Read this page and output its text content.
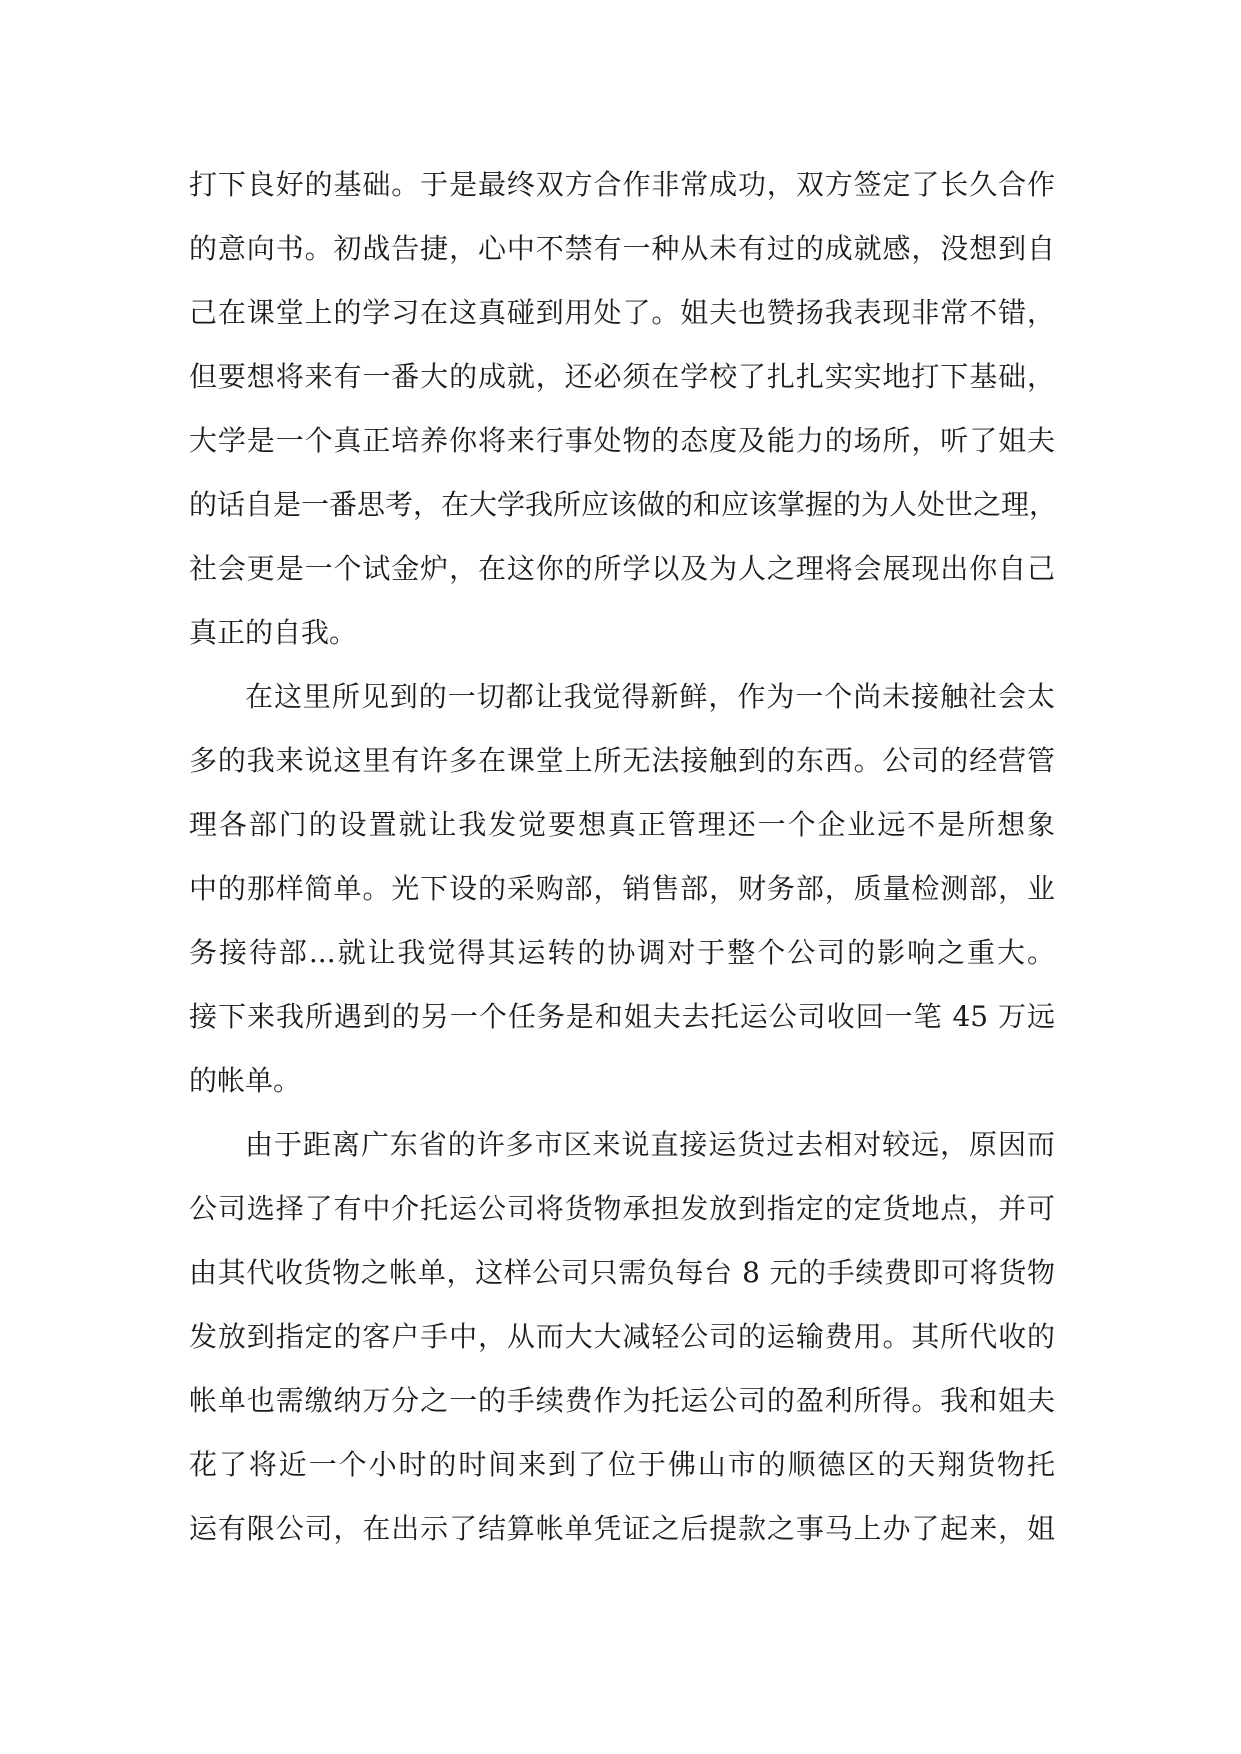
打下良好的基础。于是最终双方合作非常成功，双方签定了长久合作
的意向书。初战告捷，心中不禁有一种从未有过的成就感，没想到自
己在课堂上的学习在这真碰到用处了。姐夫也赞扬我表现非常不错，
但要想将来有一番大的成就，还必须在学校了扎扎实实地打下基础，
大学是一个真正培养你将来行事处物的态度及能力的场所，听了姐夫
的话自是一番思考，在大学我所应该做的和应该掌握的为人处世之理，
社会更是一个试金炉，在这你的所学以及为人之理将会展现出你自己
真正的自我。
在这里所见到的一切都让我觉得新鲜，作为一个尚未接触社会太
多的我来说这里有许多在课堂上所无法接触到的东西。公司的经营管
理各部门的设置就让我发觉要想真正管理还一个企业远不是所想象
中的那样简单。光下设的采购部，销售部，财务部，质量检测部，业
务接待部...就让我觉得其运转的协调对于整个公司的影响之重大。
接下来我所遇到的另一个任务是和姐夫去托运公司收回一笔 45 万远
的帐单。
由于距离广东省的许多市区来说直接运货过去相对较远，原因而
公司选择了有中介托运公司将货物承担发放到指定的定货地点，并可
由其代收货物之帐单，这样公司只需负每台 8 元的手续费即可将货物
发放到指定的客户手中，从而大大减轻公司的运输费用。其所代收的
帐单也需缴纳万分之一的手续费作为托运公司的盈利所得。我和姐夫
花了将近一个小时的时间来到了位于佛山市的顺德区的天翔货物托
运有限公司，在出示了结算帐单凭证之后提款之事马上办了起来，姐
